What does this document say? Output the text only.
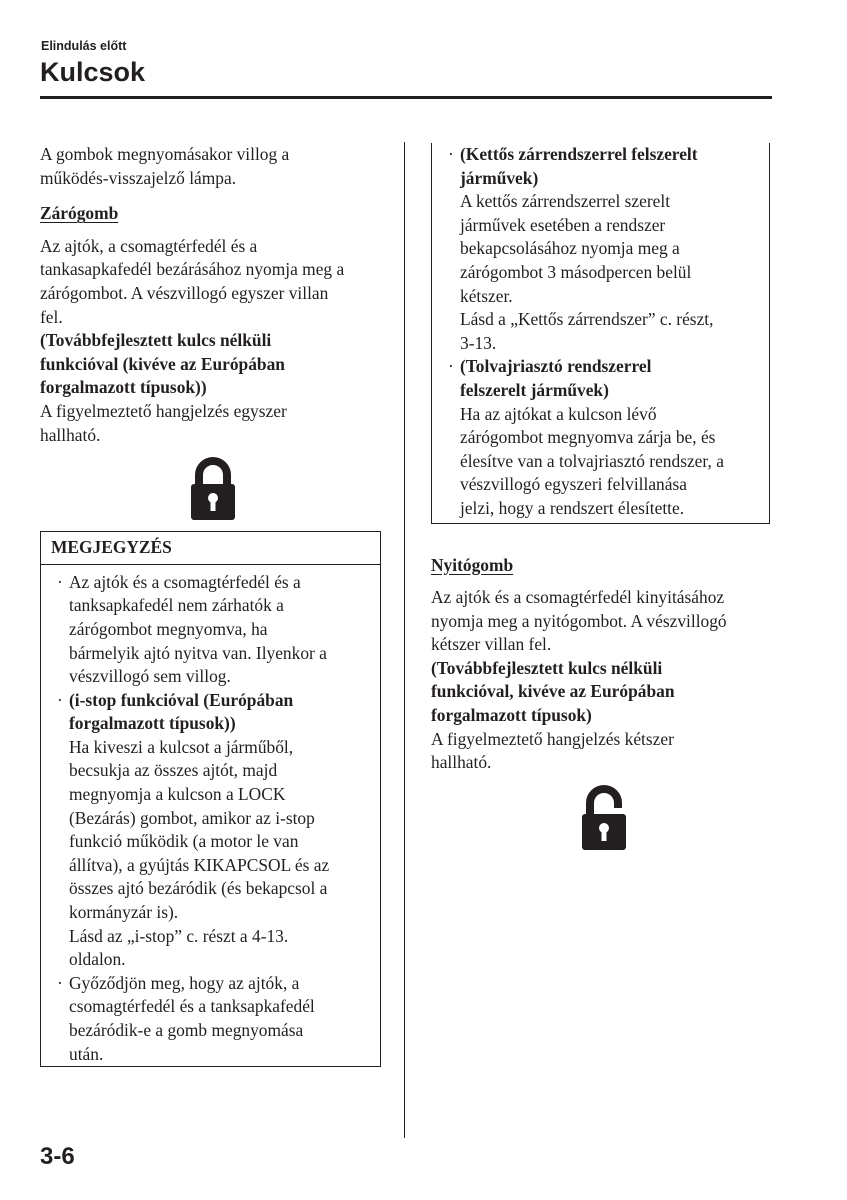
Elindulás előtt
Kulcsok

A gombok megnyomásakor villog a

működés-visszajelző lámpa.

Zárógomb

Az ajtók, a csomagtérfedél és a

tankasapkafedél bezárásához nyomja meg a

zárógombot. A vészvillogó egyszer villan

fel.

(Továbbfejlesztett kulcs nélküli

funkcióval (kivéve az Európában

forgalmazott típusok))

A figyelmeztető hangjelzés egyszer

hallható.

MEGJEGYZÉS
· Az ajtók és a csomagtérfedél és a

tanksapkafedél nem zárhatók a

zárógombot megnyomva, ha

bármelyik ajtó nyitva van. Ilyenkor a

vészvillogó sem villog.

· (i-stop funkcióval (Európában

forgalmazott típusok))

Ha kiveszi a kulcsot a járműből,

becsukja az összes ajtót, majd

megnyomja a kulcson a LOCK

(Bezárás) gombot, amikor az i-stop

funkció működik (a motor le van

állítva), a gyújtás KIKAPCSOL és az

összes ajtó bezáródik (és bekapcsol a

kormányzár is).

Lásd az „i-stop” c. részt a 4-13.

oldalon.

· Győződjön meg, hogy az ajtók, a

csomagtérfedél és a tanksapkafedél

bezáródik-e a gomb megnyomása

után.

· (Kettős zárrendszerrel felszerelt

járművek)

A kettős zárrendszerrel szerelt

járművek esetében a rendszer

bekapcsolásához nyomja meg a

zárógombot 3 másodpercen belül

kétszer.

Lásd a „Kettős zárrendszer” c. részt,

3-13.

· (Tolvajriasztó rendszerrel

felszerelt járművek)

Ha az ajtókat a kulcson lévő

zárógombot megnyomva zárja be, és

élesítve van a tolvajriasztó rendszer, a

vészvillogó egyszeri felvillanása

jelzi, hogy a rendszert élesítette.

Nyitógomb

Az ajtók és a csomagtérfedél kinyitásához

nyomja meg a nyitógombot. A vészvillogó

kétszer villan fel.

(Továbbfejlesztett kulcs nélküli

funkcióval, kivéve az Európában

forgalmazott típusok)

A figyelmeztető hangjelzés kétszer

hallható.

3-6
